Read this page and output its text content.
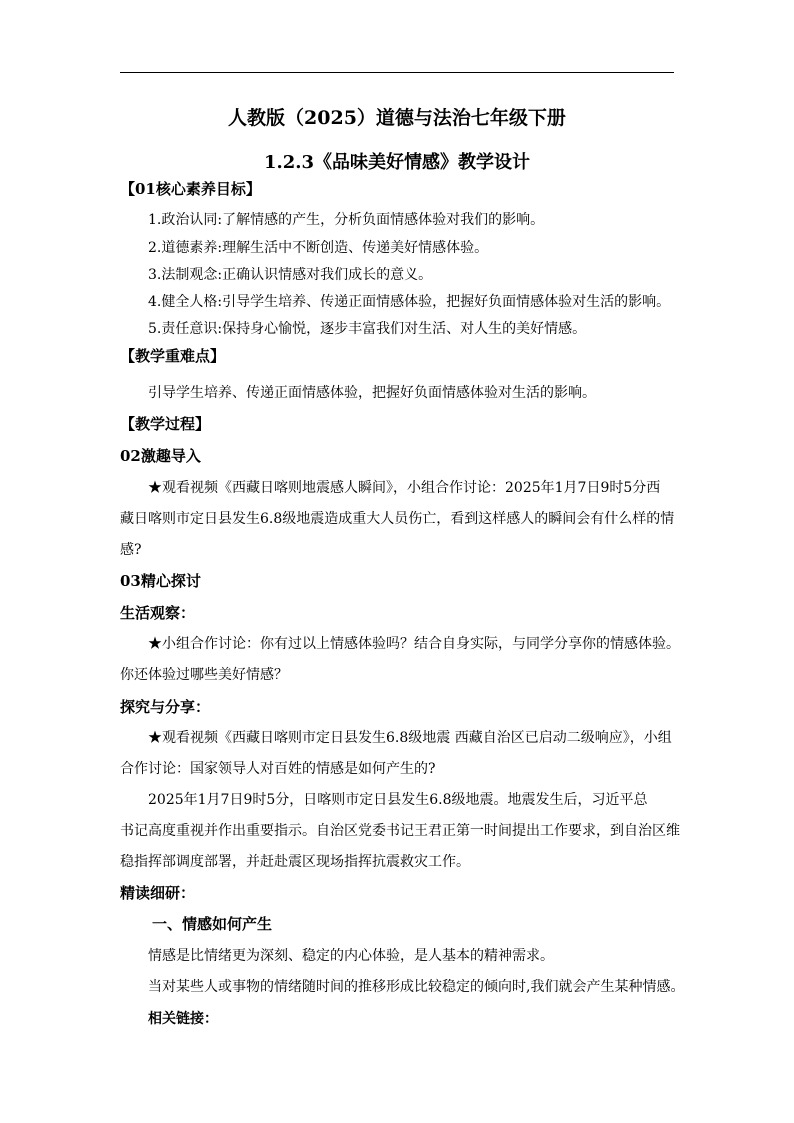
人教版（2025）道德与法治七年级下册
1.2.3《品味美好情感》教学设计
【01核心素养目标】
1.政治认同:了解情感的产生，分析负面情感体验对我们的影响。
2.道德素养:理解生活中不断创造、传递美好情感体验。
3.法制观念:正确认识情感对我们成长的意义。
4.健全人格:引导学生培养、传递正面情感体验，把握好负面情感体验对生活的影响。
5.责任意识:保持身心愉悦，逐步丰富我们对生活、对人生的美好情感。
【教学重难点】
引导学生培养、传递正面情感体验，把握好负面情感体验对生活的影响。
【教学过程】
02激趣导入
★观看视频《西藏日喀则地震感人瞬间》，小组合作讨论：2025年1月7日9时5分西
藏日喀则市定日县发生6.8级地震造成重大人员伤亡，看到这样感人的瞬间会有什么样的情
感?
03精心探讨
生活观察：
★小组合作讨论：你有过以上情感体验吗？结合自身实际，与同学分享你的情感体验。
你还体验过哪些美好情感？
探究与分享：
★观看视频《西藏日喀则市定日县发生6.8级地震 西藏自治区已启动二级响应》，小组
合作讨论：国家领导人对百姓的情感是如何产生的?
2025年1月7日9时5分，日喀则市定日县发生6.8级地震。地震发生后，习近平总
书记高度重视并作出重要指示。自治区党委书记王君正第一时间提出工作要求，到自治区维
稳指挥部调度部署，并赶赴震区现场指挥抗震救灾工作。
精读细研：
一、情感如何产生
情感是比情绪更为深刻、稳定的内心体验，是人基本的精神需求。
当对某些人或事物的情绪随时间的推移形成比较稳定的倾向时,我们就会产生某种情感。
相关链接：
